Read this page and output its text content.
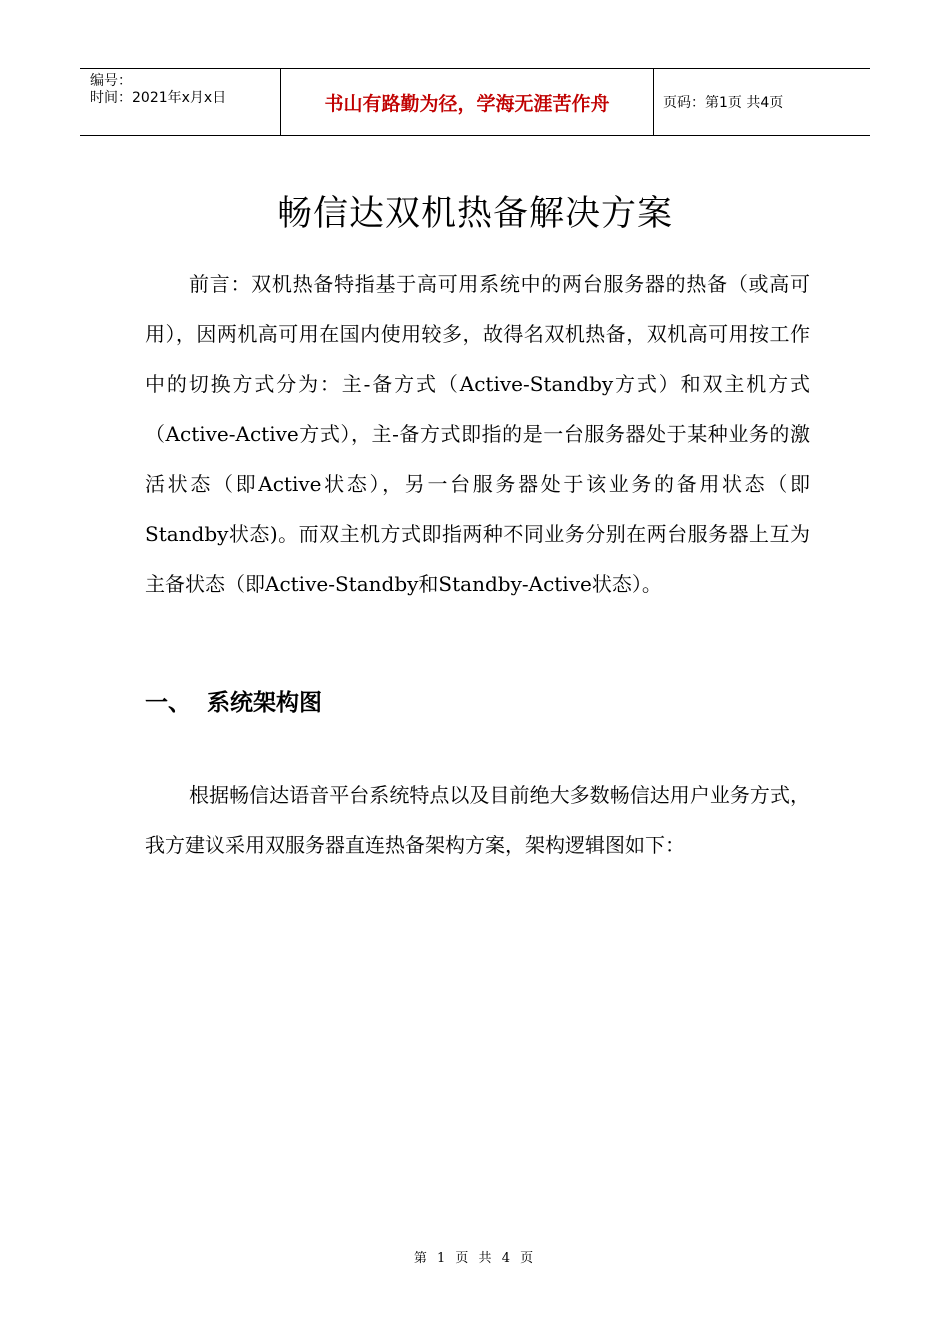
编号：
时间：2021年x月x日	书山有路勤为径，学海无涯苦作舟	页码：第1页 共4页
畅信达双机热备解决方案

前言：双机热备特指基于高可用系统中的两台服务器的热备（或高可用），因两机高可用在国内使用较多，故得名双机热备，双机高可用按工作中的切换方式分为：主-备方式（Active-Standby方式）和双主机方式（Active-Active方式），主-备方式即指的是一台服务器处于某种业务的激活状态（即Active状态），另一台服务器处于该业务的备用状态（即Standby状态)。而双主机方式即指两种不同业务分别在两台服务器上互为主备状态（即Active-Standby和Standby-Active状态）。

一、 系统架构图

根据畅信达语音平台系统特点以及目前绝大多数畅信达用户业务方式，我方建议采用双服务器直连热备架构方案，架构逻辑图如下：

第 1 页 共 4 页
